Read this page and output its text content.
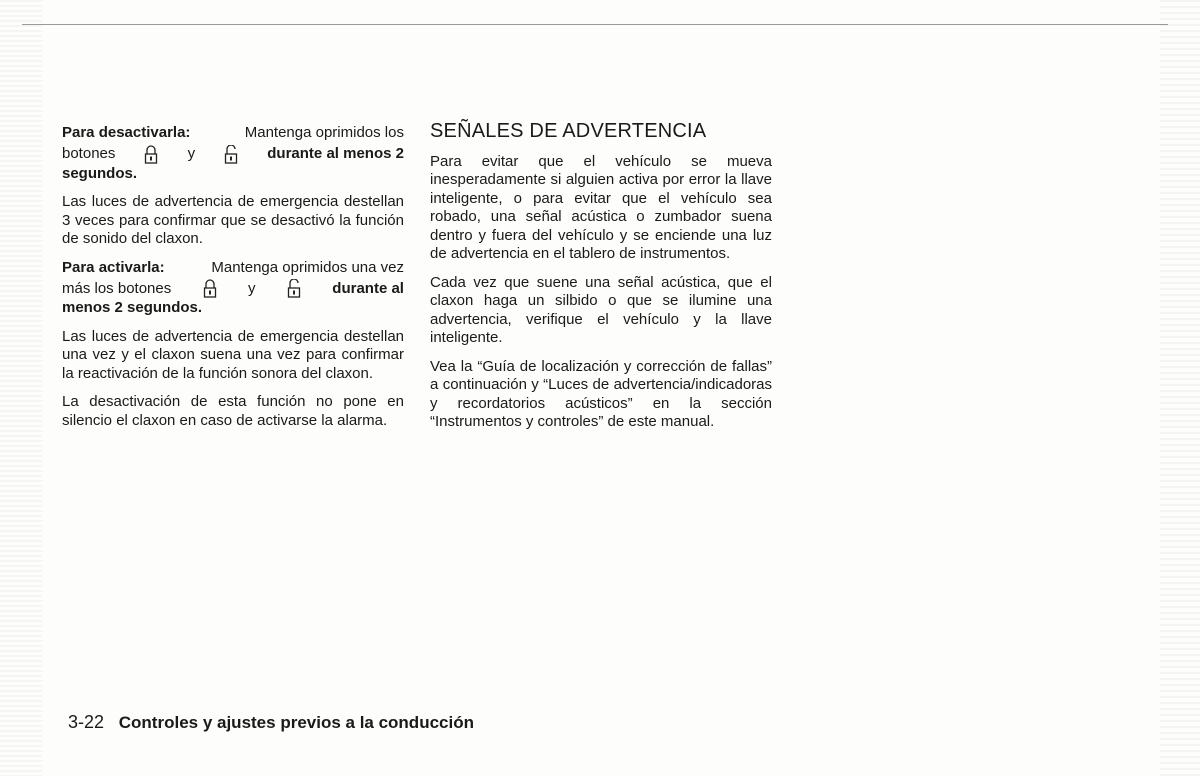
Para desactivarla:	Mantenga oprimidos los
botones	y	durante al menos 2
segundos.

Las luces de advertencia de emergencia destellan 3 veces para confirmar que se desactivó la función de sonido del claxon.

Para activarla:	Mantenga oprimidos una vez
más los botones	y	durante al
menos 2 segundos.

Las luces de advertencia de emergencia destellan una vez y el claxon suena una vez para confirmar la reactivación de la función sonora del claxon.

La desactivación de esta función no pone en silencio el claxon en caso de activarse la alarma.

SEÑALES DE ADVERTENCIA

Para evitar que el vehículo se mueva inesperadamente si alguien activa por error la llave inteligente, o para evitar que el vehículo sea robado, una señal acústica o zumbador suena dentro y fuera del vehículo y se enciende una luz de advertencia en el tablero de instrumentos.

Cada vez que suene una señal acústica, que el claxon haga un silbido o que se ilumine una advertencia, verifique el vehículo y la llave inteligente.

Vea la “Guía de localización y corrección de fallas” a continuación y “Luces de advertencia/indicadoras y recordatorios acústicos” en la sección “Instrumentos y controles” de este manual.

3-22 Controles y ajustes previos a la conducción
